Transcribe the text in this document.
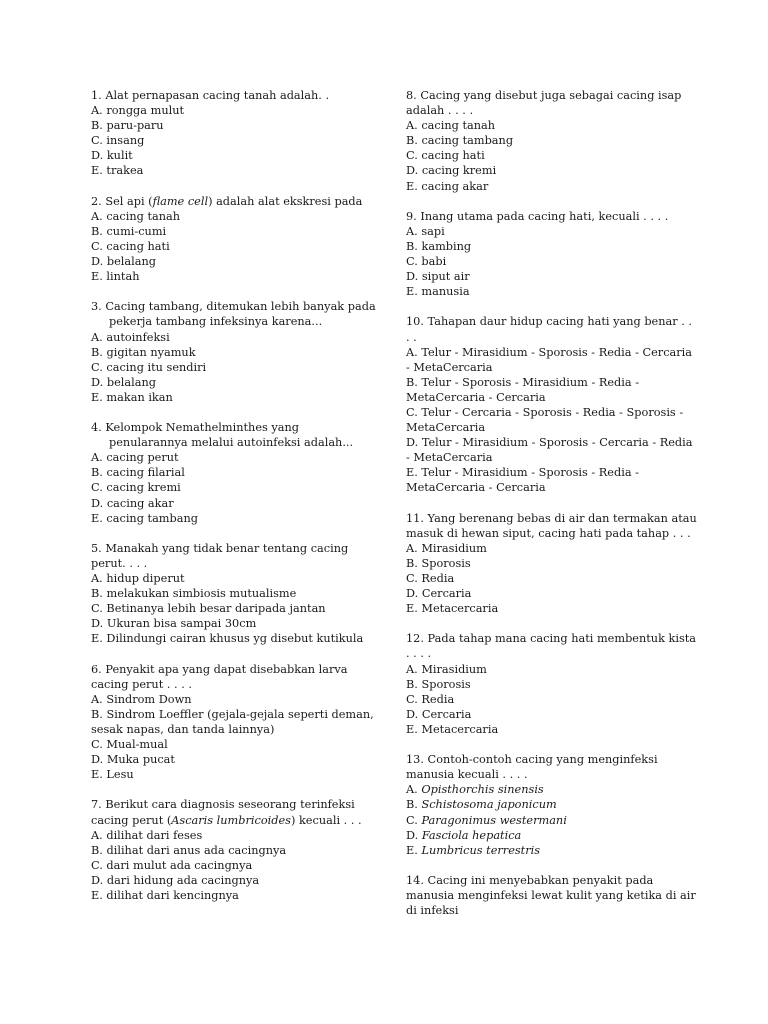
1. Alat pernapasan cacing tanah adalah. .
A. rongga mulut
B. paru-paru
C. insang
D. kulit
E. trakea
2. Sel api (flame cell) adalah alat ekskresi pada
A. cacing tanah
B. cumi-cumi
C. cacing hati
D. belalang
E. lintah
3. Cacing tambang, ditemukan lebih banyak pada pekerja tambang infeksinya karena...
A. autoinfeksi
B. gigitan nyamuk
C. cacing itu sendiri
D. belalang
E. makan ikan
4. Kelompok Nemathelminthes yang penularannya melalui autoinfeksi adalah...
A. cacing perut
B. cacing filarial
C. cacing kremi
D. cacing akar
E. cacing tambang
5. Manakah yang tidak benar tentang cacing perut. . . .
A. hidup diperut
B. melakukan simbiosis mutualisme
C. Betinanya lebih besar daripada jantan
D. Ukuran bisa sampai 30cm
E. Dilindungi cairan khusus yg disebut kutikula
6. Penyakit apa yang dapat disebabkan larva cacing perut . . . .
A. Sindrom Down
B. Sindrom Loeffler (gejala-gejala seperti deman, sesak napas, dan tanda lainnya)
C. Mual-mual
D. Muka pucat
E. Lesu
7. Berikut cara diagnosis seseorang terinfeksi cacing perut (Ascaris lumbricoides) kecuali . . .
A. dilihat dari feses
B. dilihat dari anus ada cacingnya
C. dari mulut ada cacingnya
D. dari hidung ada cacingnya
E. dilihat dari kencingnya
8. Cacing yang disebut juga sebagai cacing isap adalah . . . .
A. cacing tanah
B. cacing tambang
C. cacing hati
D. cacing kremi
E. cacing akar
9. Inang utama pada cacing hati, kecuali . . . .
A. sapi
B. kambing
C. babi
D. siput air
E. manusia
10. Tahapan daur hidup cacing hati yang benar . . . .
A. Telur - Mirasidium - Sporosis - Redia - Cercaria - MetaCercaria
B. Telur - Sporosis - Mirasidium - Redia - MetaCercaria - Cercaria
C. Telur - Cercaria - Sporosis - Redia - Sporosis - MetaCercaria
D. Telur - Mirasidium - Sporosis - Cercaria - Redia - MetaCercaria
E. Telur - Mirasidium - Sporosis - Redia - MetaCercaria - Cercaria
11. Yang berenang bebas di air dan termakan atau masuk di hewan siput, cacing hati pada tahap . . .
A. Mirasidium
B. Sporosis
C. Redia
D. Cercaria
E. Metacercaria
12. Pada tahap mana cacing hati membentuk kista . . . .
A. Mirasidium
B. Sporosis
C. Redia
D. Cercaria
E. Metacercaria
13. Contoh-contoh cacing yang menginfeksi manusia kecuali . . . .
A. Opisthorchis sinensis
B. Schistosoma japonicum
C. Paragonimus westermani
D. Fasciola hepatica
E. Lumbricus terrestris
14. Cacing ini menyebabkan penyakit pada manusia menginfeksi lewat kulit yang ketika di air di infeksi
